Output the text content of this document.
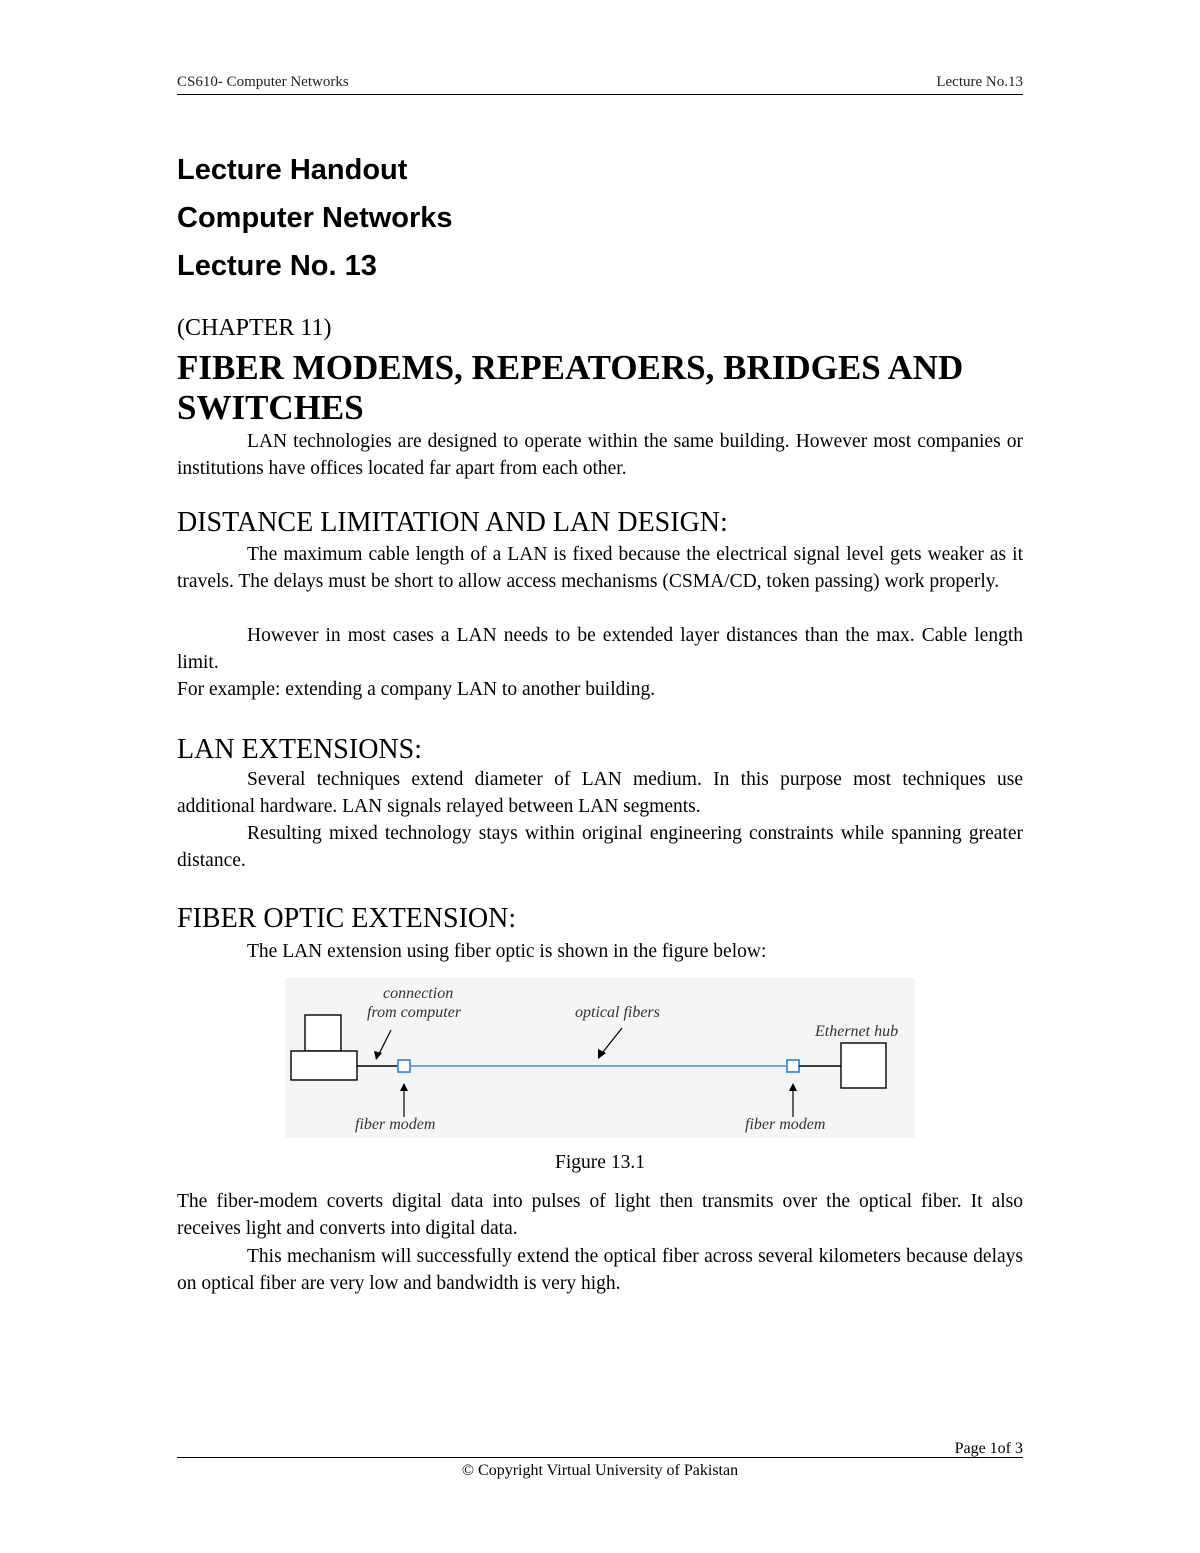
CS610- Computer Networks	Lecture No.13
Lecture Handout
Computer Networks
Lecture No. 13
(CHAPTER 11)
FIBER MODEMS, REPEATOERS, BRIDGES AND SWITCHES
LAN technologies are designed to operate within the same building. However most companies or institutions have offices located far apart from each other.
DISTANCE LIMITATION AND LAN DESIGN:
The maximum cable length of a LAN is fixed because the electrical signal level gets weaker as it travels. The delays must be short to allow access mechanisms (CSMA/CD, token passing) work properly.
However in most cases a LAN needs to be extended layer distances than the max. Cable length limit.
For example: extending a company LAN to another building.
LAN EXTENSIONS:
Several techniques extend diameter of LAN medium. In this purpose most techniques use additional hardware. LAN signals relayed between LAN segments.
Resulting mixed technology stays within original engineering constraints while spanning greater distance.
FIBER OPTIC EXTENSION:
The LAN extension using fiber optic is shown in the figure below:
connection
from computer	optical fibers
Ethernet hub
fiber modem	fiber modem
Figure 13.1
The fiber-modem coverts digital data into pulses of light then transmits over the optical fiber. It also receives light and converts into digital data.
This mechanism will successfully extend the optical fiber across several kilometers because delays on optical fiber are very low and bandwidth is very high.
Page 1of 3
© Copyright Virtual University of Pakistan
